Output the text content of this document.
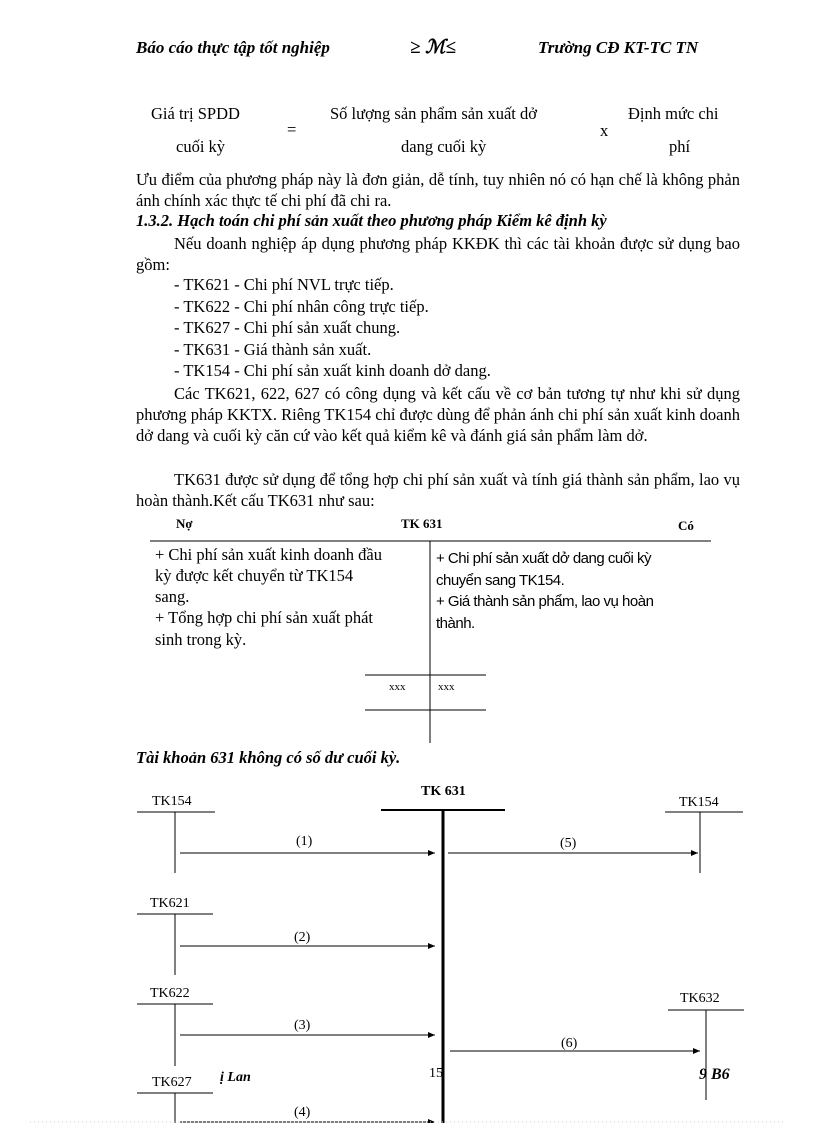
Báo cáo thực tập tốt nghiệp	≥ ℳ≤	Trường CĐ KT-TC TN
Giá trị SPDD
cuối kỳ
=
Số lượng sản phẩm sản xuất dở
dang cuối kỳ
x
Định mức chi
phí
Ưu điểm của phương pháp này là đơn giản, dễ tính, tuy nhiên nó có hạn chế là không phản ánh chính xác thực tế chi phí đã chi ra.
1.3.2. Hạch toán chi phí sản xuất theo phương pháp Kiểm kê định kỳ
Nếu doanh nghiệp áp dụng phương pháp KKĐK thì các tài khoản được sử dụng bao gồm:
- TK621 - Chi phí NVL trực tiếp.
- TK622 - Chi phí nhân công trực tiếp.
- TK627 - Chi phí sản xuất chung.
- TK631 - Giá thành sản xuất.
- TK154 - Chi phí sản xuất kinh doanh dở dang.
Các TK621, 622, 627 có công dụng và kết cấu về cơ bản tương tự như khi sử dụng phương pháp KKTX. Riêng TK154 chỉ được dùng để phản ánh chi phí sản xuất kinh doanh dở dang và cuối kỳ căn cứ vào kết quả kiểm kê và đánh giá sản phẩm làm dở.
TK631 được sử dụng để tổng hợp chi phí sản xuất và tính giá thành sản phẩm, lao vụ hoàn thành.Kết cấu TK631 như sau:
Nợ	TK 631	Có
+ Chi phí sản xuất kinh doanh đầu
kỳ được kết chuyển từ TK154
sang.
+ Tổng hợp chi phí sản xuất phát
sinh trong kỳ.
+ Chi phí sản xuất dở dang cuối kỳ
chuyển sang TK154.
+ Giá thành sản phẩm, lao vụ hoàn
thành.
xxx	xxx
Tài khoản 631 không có số dư cuối kỳ.
TK 631
TK154
TK621
TK622
TK627
TK154
TK632
(1)
(2)
(3)
(4)
(5)
(6)
ị Lan	15	9 B6
